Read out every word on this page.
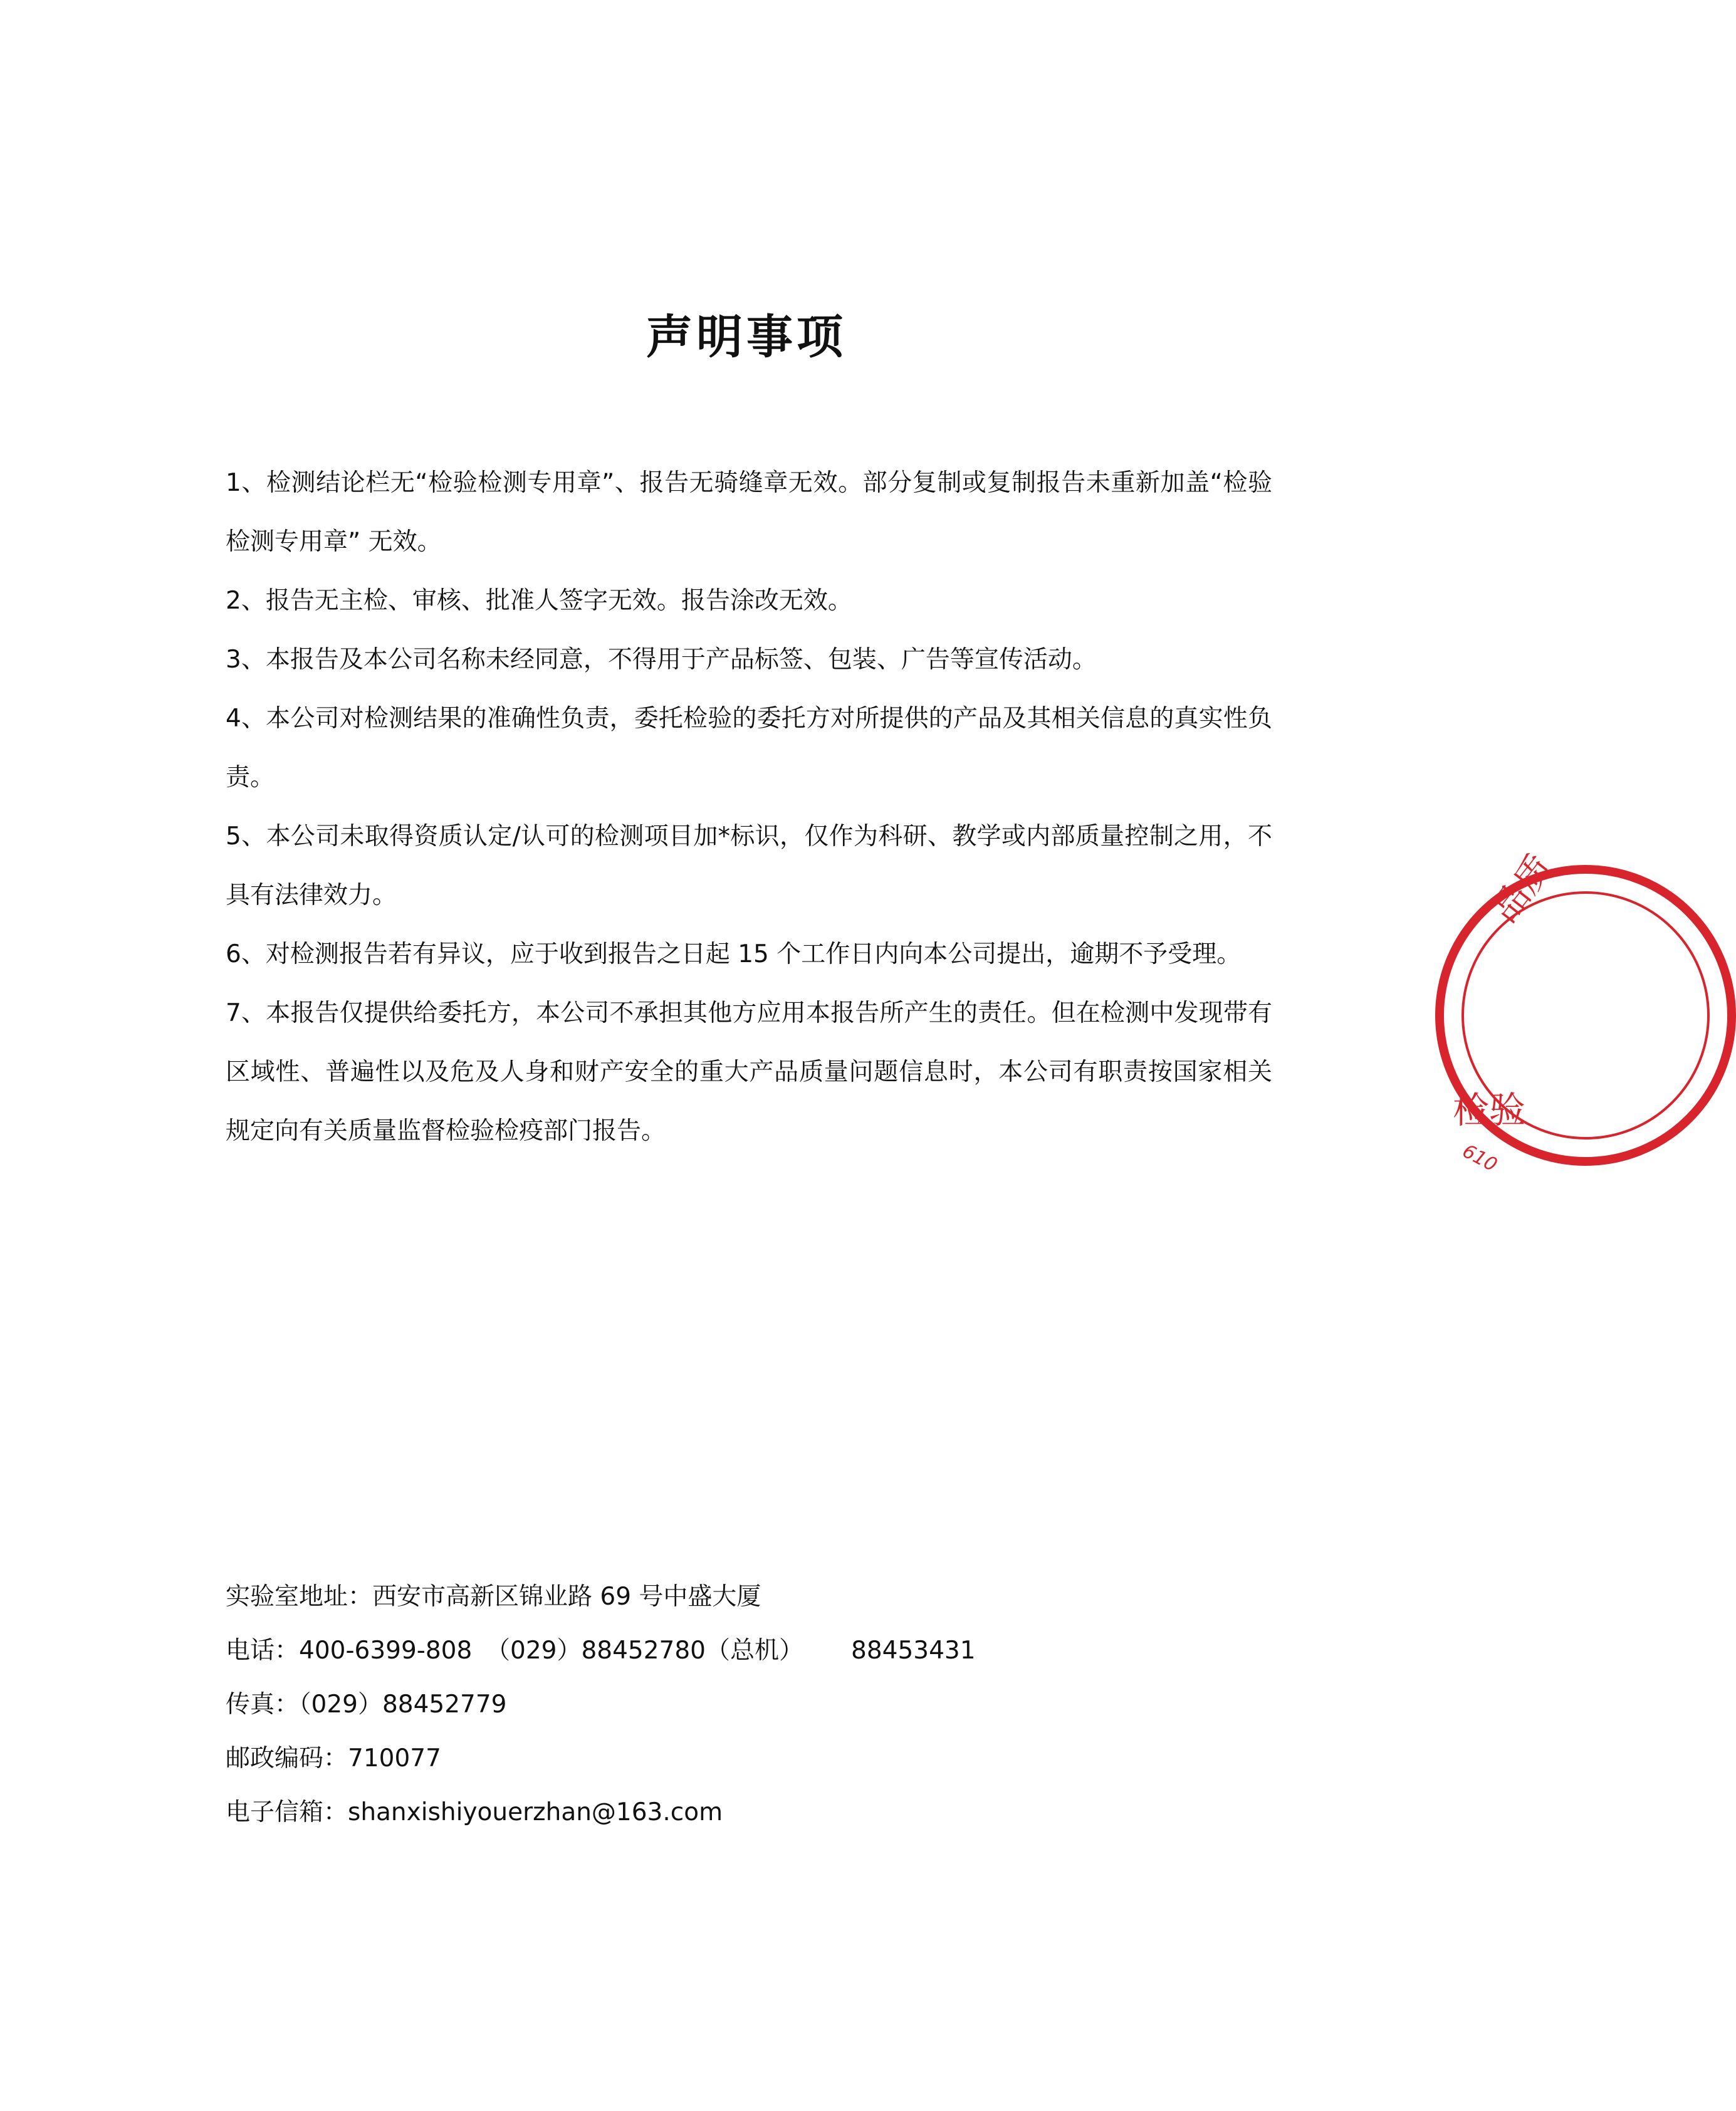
声明事项

1、检测结论栏无“检验检测专用章”、报告无骑缝章无效。部分复制或复制报告未重新加盖“检验检测专用章” 无效。

2、报告无主检、审核、批准人签字无效。报告涂改无效。

3、本报告及本公司名称未经同意，不得用于产品标签、包装、广告等宣传活动。

4、本公司对检测结果的准确性负责，委托检验的委托方对所提供的产品及其相关信息的真实性负责。

5、本公司未取得资质认定/认可的检测项目加*标识，仅作为科研、教学或内部质量控制之用，不具有法律效力。

6、对检测报告若有异议，应于收到报告之日起 15 个工作日内向本公司提出，逾期不予受理。

7、本报告仅提供给委托方，本公司不承担其他方应用本报告所产生的责任。但在检测中发现带有区域性、普遍性以及危及人身和财产安全的重大产品质量问题信息时，本公司有职责按国家相关规定向有关质量监督检验检疫部门报告。

实验室地址：西安市高新区锦业路 69 号中盛大厦
电话：400-6399-808 （029）88452780（总机） 88453431
传真：（029）88452779
邮政编码：710077
电子信箱：shanxishiyouerzhan@163.com
品质
检验
610
